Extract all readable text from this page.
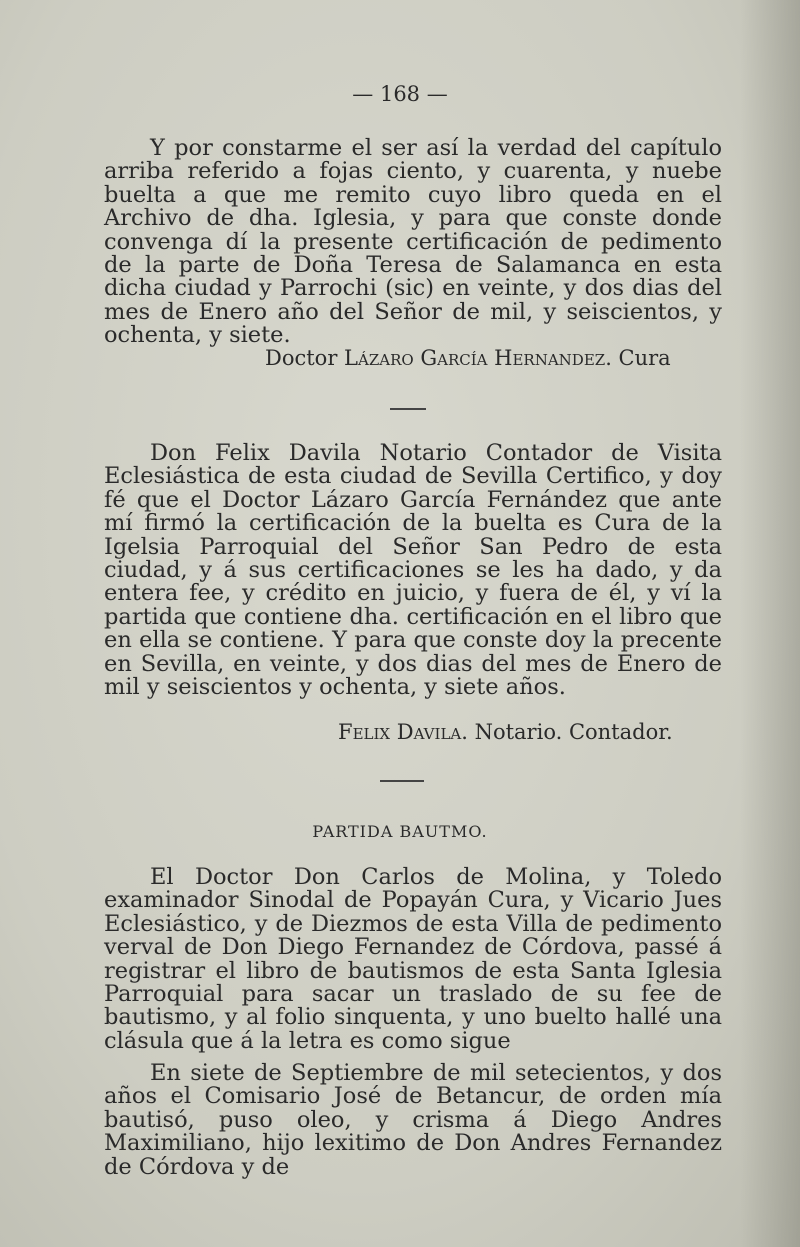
— 168 —

Y por constarme el ser así la verdad del capítulo arriba referido a fojas ciento, y cuarenta, y nuebe buelta a que me remito cuyo libro queda en el Archivo de dha. Iglesia, y para que conste donde convenga dí la presente certificación de pedimento de la parte de Doña Teresa de Salamanca en esta dicha ciudad y Parrochi (sic) en veinte, y dos dias del mes de Enero año del Señor de mil, y seiscientos, y ochenta, y siete.

Doctor Lázaro García Hernandez. Cura

Don Felix Davila Notario Contador de Visita Eclesiástica de esta ciudad de Sevilla Certifico, y doy fé que el Doctor Lázaro García Fernández que ante mí firmó la certificación de la buelta es Cura de la Igelsia Parroquial del Señor San Pedro de esta ciudad, y á sus certificaciones se les ha dado, y da entera fee, y crédito en juicio, y fuera de él, y ví la partida que contiene dha. certificación en el libro que en ella se contiene. Y para que conste doy la precente en Sevilla, en veinte, y dos dias del mes de Enero de mil y seiscientos y ochenta, y siete años.

Felix Davila. Notario. Contador.
PARTIDA BAUTMO.

El Doctor Don Carlos de Molina, y Toledo examinador Sinodal de Popayán Cura, y Vicario Jues Eclesiástico, y de Diezmos de esta Villa de pedimento verval de Don Diego Fernandez de Córdova, passé á registrar el libro de bautismos de esta Santa Iglesia Parroquial para sacar un traslado de su fee de bautismo, y al folio sinquenta, y uno buelto hallé una clásula que á la letra es como sigue

En siete de Septiembre de mil setecientos, y dos años el Comisario José de Betancur, de orden mía bautisó, puso oleo, y crisma á Diego Andres Maximiliano, hijo lexitimo de Don Andres Fernandez de Córdova y de
